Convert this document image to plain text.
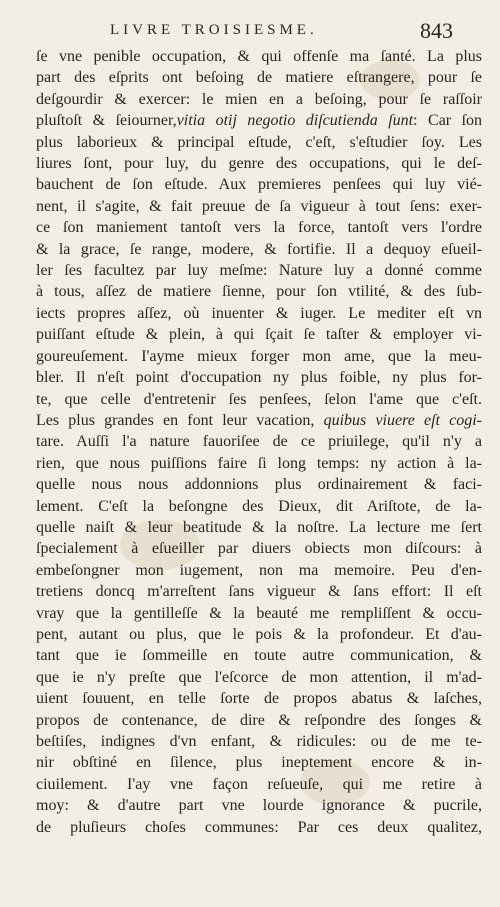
LIVRE TROISIESME.	843
ſe vne penible occupation, & qui offenſe ma ſanté. La plus
part des eſprits ont beſoing de matiere eſtrangere, pour ſe
deſgourdir & exercer: le mien en a beſoing, pour ſe raſſoir
pluſtoſt & ſeiourner,vitia otij negotio diſcutienda ſunt: Car ſon
plus laborieux & principal eſtude, c'eſt, s'eſtudier ſoy. Les
liures ſont, pour luy, du genre des occupations, qui le deſ-
bauchent de ſon eſtude. Aux premieres penſees qui luy vié-
nent, il s'agite, & fait preuue de ſa vigueur à tout ſens: exer-
ce ſon maniement tantoſt vers la force, tantoſt vers l'ordre
& la grace, ſe range, modere, & fortifie. Il a dequoy eſueil-
ler ſes facultez par luy meſme: Nature luy a donné comme
à tous, aſſez de matiere ſienne, pour ſon vtilité, & des ſub-
iects propres aſſez, où inuenter & iuger. Le mediter eſt vn
puiſſant eſtude & plein, à qui ſçait ſe taſter & employer vi-
goureuſement. I'ayme mieux forger mon ame, que la meu-
bler. Il n'eſt point d'occupation ny plus foible, ny plus for-
te, que celle d'entretenir ſes penſees, ſelon l'ame que c'eſt.
Les plus grandes en font leur vacation, quibus viuere eſt cogi-
tare. Auſſi l'a nature fauoriſee de ce priuilege, qu'il n'y a
rien, que nous puiſſions faire ſi long temps: ny action à la-
quelle nous nous addonnions plus ordinairement & faci-
lement. C'eſt la beſongne des Dieux, dit Ariſtote, de la-
quelle naiſt & leur beatitude & la noſtre. La lecture me ſert
ſpecialement à eſueiller par diuers obiects mon diſcours: à
embeſongner mon iugement, non ma memoire. Peu d'en-
tretiens doncq m'arreſtent ſans vigueur & ſans effort: Il eſt
vray que la gentilleſſe & la beauté me rempliſſent & occu-
pent, autant ou plus, que le pois & la profondeur. Et d'au-
tant que ie ſommeille en toute autre communication, &
que ie n'y preſte que l'eſcorce de mon attention, il m'ad-
uient ſouuent, en telle ſorte de propos abatus & laſches,
propos de contenance, de dire & reſpondre des ſonges &
beſtiſes, indignes d'vn enfant, & ridicules: ou de me te-
nir obſtiné en ſilence, plus ineptement encore & in-
ciuilement. I'ay vne façon reſueuſe, qui me retire à
moy: & d'autre part vne lourde ignorance & pucrile,
de pluſieurs choſes communes: Par ces deux qualitez,
